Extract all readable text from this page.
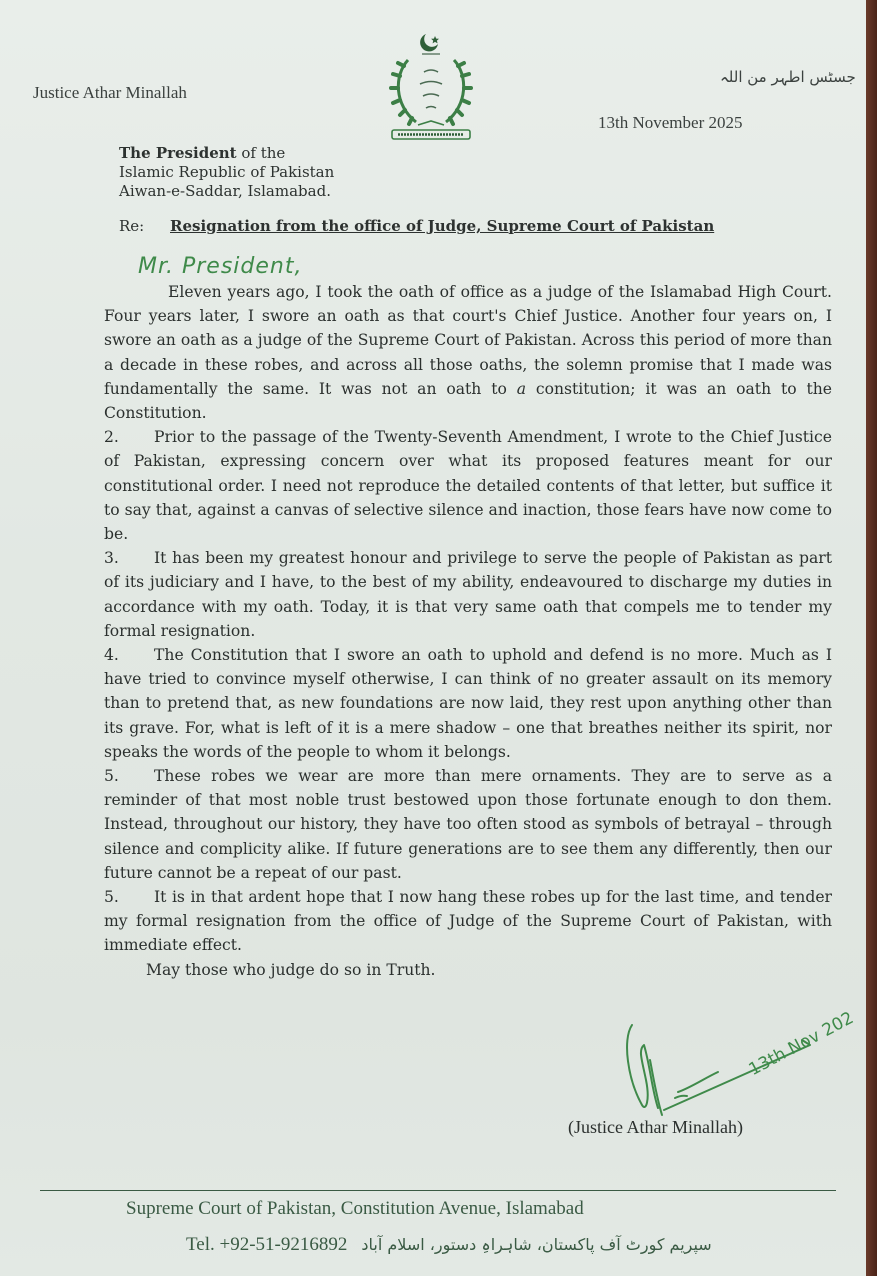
Justice Athar Minallah
جسٹس اطہر من اللہ
13th November 2025
The President of the
Islamic Republic of Pakistan
Aiwan-e-Saddar, Islamabad.
Re: Resignation from the office of Judge, Supreme Court of Pakistan
Mr. President,

Eleven years ago, I took the oath of office as a judge of the Islamabad High Court. Four years later, I swore an oath as that court's Chief Justice. Another four years on, I swore an oath as a judge of the Supreme Court of Pakistan. Across this period of more than a decade in these robes, and across all those oaths, the solemn promise that I made was fundamentally the same. It was not an oath to a constitution; it was an oath to the Constitution.

2. Prior to the passage of the Twenty-Seventh Amendment, I wrote to the Chief Justice of Pakistan, expressing concern over what its proposed features meant for our constitutional order. I need not reproduce the detailed contents of that letter, but suffice it to say that, against a canvas of selective silence and inaction, those fears have now come to be.

3. It has been my greatest honour and privilege to serve the people of Pakistan as part of its judiciary and I have, to the best of my ability, endeavoured to discharge my duties in accordance with my oath. Today, it is that very same oath that compels me to tender my formal resignation.

4. The Constitution that I swore an oath to uphold and defend is no more. Much as I have tried to convince myself otherwise, I can think of no greater assault on its memory than to pretend that, as new foundations are now laid, they rest upon anything other than its grave. For, what is left of it is a mere shadow – one that breathes neither its spirit, nor speaks the words of the people to whom it belongs.

5. These robes we wear are more than mere ornaments. They are to serve as a reminder of that most noble trust bestowed upon those fortunate enough to don them. Instead, throughout our history, they have too often stood as symbols of betrayal – through silence and complicity alike. If future generations are to see them any differently, then our future cannot be a repeat of our past.

5. It is in that ardent hope that I now hang these robes up for the last time, and tender my formal resignation from the office of Judge of the Supreme Court of Pakistan, with immediate effect.

May those who judge do so in Truth.

13th Nov 202
(Justice Athar Minallah)
Supreme Court of Pakistan, Constitution Avenue, Islamabad
Tel. +92-51-9216892 سپریم کورٹ آف پاکستان، شاہراہِ دستور، اسلام آباد
